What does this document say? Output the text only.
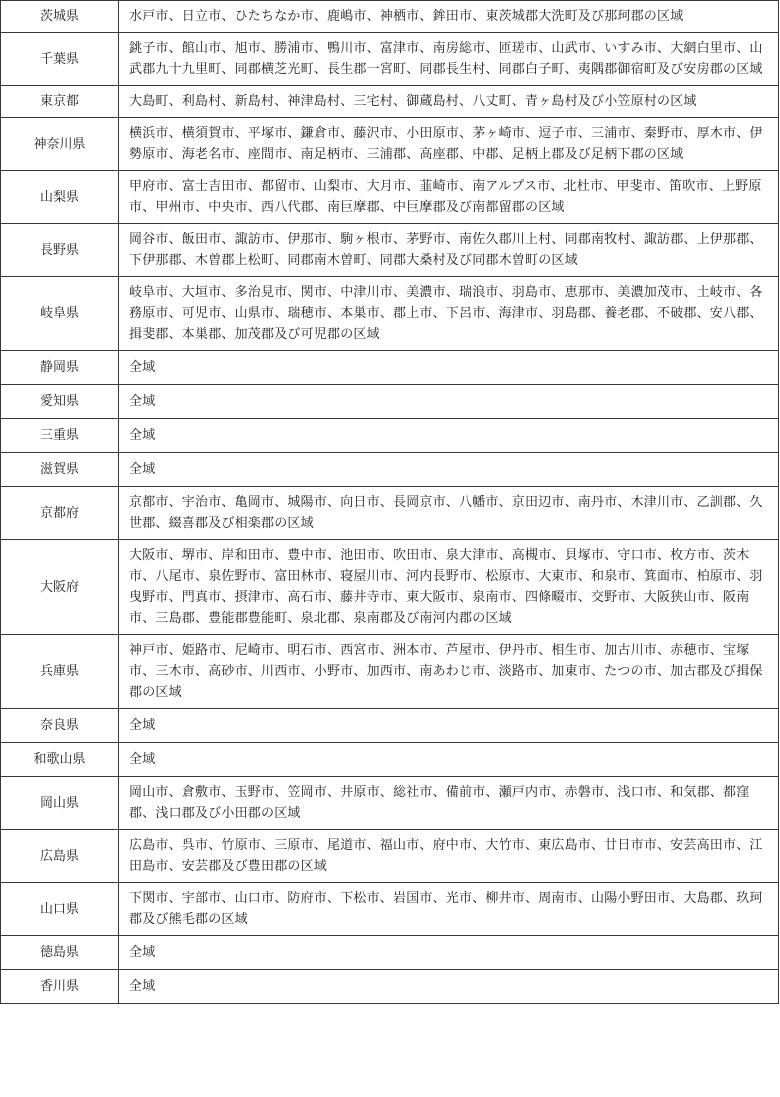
茨城県	水戸市、日立市、ひたちなか市、鹿嶋市、神栖市、鉾田市、東茨城郡大洗町及び那珂郡の区域
千葉県	銚子市、館山市、旭市、勝浦市、鴨川市、富津市、南房総市、匝瑳市、山武市、いすみ市、大網白里市、山武郡九十九里町、同郡横芝光町、長生郡一宮町、同郡長生村、同郡白子町、夷隅郡御宿町及び安房郡の区域
東京都	大島町、利島村、新島村、神津島村、三宅村、御蔵島村、八丈町、青ヶ島村及び小笠原村の区域
神奈川県	横浜市、横須賀市、平塚市、鎌倉市、藤沢市、小田原市、茅ヶ崎市、逗子市、三浦市、秦野市、厚木市、伊勢原市、海老名市、座間市、南足柄市、三浦郡、高座郡、中郡、足柄上郡及び足柄下郡の区域
山梨県	甲府市、富士吉田市、都留市、山梨市、大月市、韮崎市、南アルプス市、北杜市、甲斐市、笛吹市、上野原市、甲州市、中央市、西八代郡、南巨摩郡、中巨摩郡及び南都留郡の区域
長野県	岡谷市、飯田市、諏訪市、伊那市、駒ヶ根市、茅野市、南佐久郡川上村、同郡南牧村、諏訪郡、上伊那郡、下伊那郡、木曽郡上松町、同郡南木曽町、同郡大桑村及び同郡木曽町の区域
岐阜県	岐阜市、大垣市、多治見市、関市、中津川市、美濃市、瑞浪市、羽島市、恵那市、美濃加茂市、土岐市、各務原市、可児市、山県市、瑞穂市、本巣市、郡上市、下呂市、海津市、羽島郡、養老郡、不破郡、安八郡、揖斐郡、本巣郡、加茂郡及び可児郡の区域
静岡県	全域
愛知県	全域
三重県	全域
滋賀県	全域
京都府	京都市、宇治市、亀岡市、城陽市、向日市、長岡京市、八幡市、京田辺市、南丹市、木津川市、乙訓郡、久世郡、綴喜郡及び相楽郡の区域
大阪府	大阪市、堺市、岸和田市、豊中市、池田市、吹田市、泉大津市、高槻市、貝塚市、守口市、枚方市、茨木市、八尾市、泉佐野市、富田林市、寝屋川市、河内長野市、松原市、大東市、和泉市、箕面市、柏原市、羽曳野市、門真市、摂津市、高石市、藤井寺市、東大阪市、泉南市、四條畷市、交野市、大阪狭山市、阪南市、三島郡、豊能郡豊能町、泉北郡、泉南郡及び南河内郡の区域
兵庫県	神戸市、姫路市、尼崎市、明石市、西宮市、洲本市、芦屋市、伊丹市、相生市、加古川市、赤穂市、宝塚市、三木市、高砂市、川西市、小野市、加西市、南あわじ市、淡路市、加東市、たつの市、加古郡及び揖保郡の区域
奈良県	全域
和歌山県	全域
岡山県	岡山市、倉敷市、玉野市、笠岡市、井原市、総社市、備前市、瀬戸内市、赤磐市、浅口市、和気郡、都窪郡、浅口郡及び小田郡の区域
広島県	広島市、呉市、竹原市、三原市、尾道市、福山市、府中市、大竹市、東広島市、廿日市市、安芸高田市、江田島市、安芸郡及び豊田郡の区域
山口県	下関市、宇部市、山口市、防府市、下松市、岩国市、光市、柳井市、周南市、山陽小野田市、大島郡、玖珂郡及び熊毛郡の区域
徳島県	全域
香川県	全域
